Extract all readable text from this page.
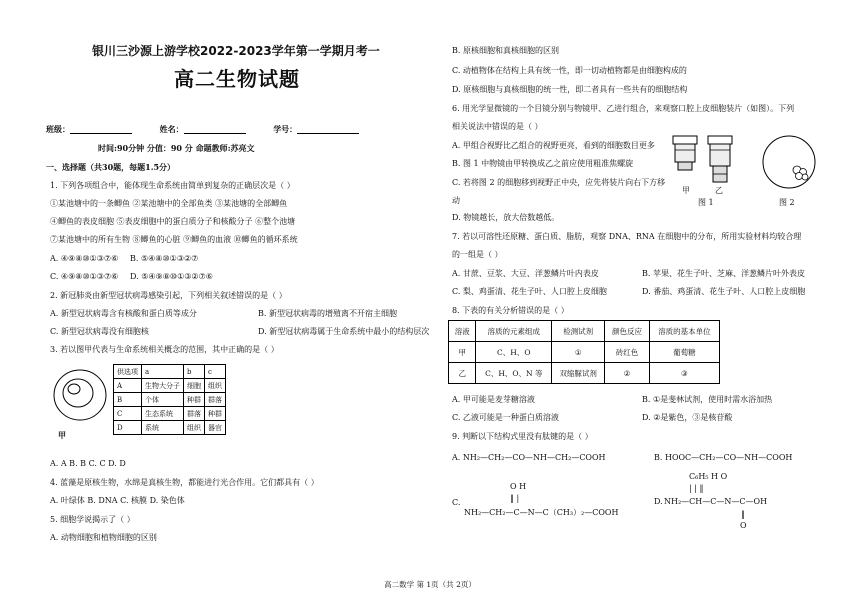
银川三沙源上游学校2022-2023学年第一学期月考一
高二生物试题
班级：	姓名：	学号：
时间:90分钟 分值：90 分 命题教师:苏亮文
一、选择题（共30题，每题1.5分）
1. 下列各项组合中，能体现生命系统由简单到复杂的正确层次是（ ）
①某池塘中的一条鲫鱼 ②某池塘中的全部鱼类 ③某池塘的全部鲫鱼
④鲫鱼的表皮细胞 ⑤表皮细胞中的蛋白质分子和核酸分子 ⑥整个池塘
⑦某池塘中的所有生物 ⑧鲫鱼的心脏 ⑨鲫鱼的血液 ⑩鲫鱼的循环系统
A. ④⑨⑧⑩①③⑦⑥ B. ⑤④⑧⑩①③②⑦
C. ④⑨⑧⑩①③⑦⑥ D. ⑤④⑨⑧⑩①③②⑦⑥
2. 新冠肺炎由新型冠状病毒感染引起，下列相关叙述错误的是（ ）
A. 新型冠状病毒含有核酸和蛋白质等成分	B. 新型冠状病毒的增殖离不开宿主细胞
C. 新型冠状病毒没有细胞核	D. 新型冠状病毒属于生命系统中最小的结构层次
3. 若以图甲代表与生命系统相关概念的范围，其中正确的是（ ）
甲
供选项	a	b	c
A	生物大分子	细胞	组织
B	个体	种群	群落
C	生态系统	群落	种群
D	系统	组织	器官
A. A B. B C. C D. D
4. 蓝藻是原核生物，水绵是真核生物，都能进行光合作用。它们都具有（ ）
A. 叶绿体 B. DNA C. 核膜 D. 染色体
5. 细胞学说揭示了（ ）
A. 动物细胞和植物细胞的区别
B. 原核细胞和真核细胞的区别
C. 动植物体在结构上具有统一性，即一切动植物都是由细胞构成的
D. 原核细胞与真核细胞的统一性，即二者具有一些共有的细胞结构
6. 用光学显微镜的一个目镜分别与物镜甲、乙进行组合，来观察口腔上皮细胞装片（如图）。下列
相关说法中错误的是（ ）
A. 甲组合视野比乙组合的视野更亮，看到的细胞数目更多
B. 图 1 中物镜由甲转换成乙之前应使用粗准焦螺旋
C. 若将图 2 的细胞移到视野正中央，应先将装片向右下方移
动
D. 物镜越长，放大倍数越低。
甲	乙
图 1	图 2
7. 若以可溶性还原糖、蛋白质、脂肪，观察 DNA、RNA 在细胞中的分布，所用实验材料均较合理
的一组是（ ）
A. 甘蔗、豆浆、大豆、洋葱鳞片叶内表皮	B. 苹果、花生子叶、芝麻、洋葱鳞片叶外表皮
C. 梨、鸡蛋清、花生子叶、人口腔上皮细胞	D. 番茄、鸡蛋清、花生子叶、人口腔上皮细胞
8. 下表的有关分析错误的是（ ）
溶液	溶质的元素组成	检测试剂	颜色反应	溶质的基本单位
甲	C、H、O	①	砖红色	葡萄糖
乙	C、H、O、N 等	双缩脲试剂	②	③
A. 甲可能是麦芽糖溶液	B. ①是斐林试剂，使用时需水浴加热
C. 乙液可能是一种蛋白质溶液	D. ②是紫色，③是核苷酸
9. 判断以下结构式里没有肽键的是（ ）
A. NH₂—CH₂—CO—NH—CH₂—COOH	B. HOOC—CH₂—CO—NH—COOH
C.
O H
‖ |
NH₂—CH₂—C—N—C（CH₃）₂—COOH
D.
C₆H₅ H O
| | ‖
NH₂—CH—C—N—C—OH
‖
O
高二数学 第 1页（共 2页）
